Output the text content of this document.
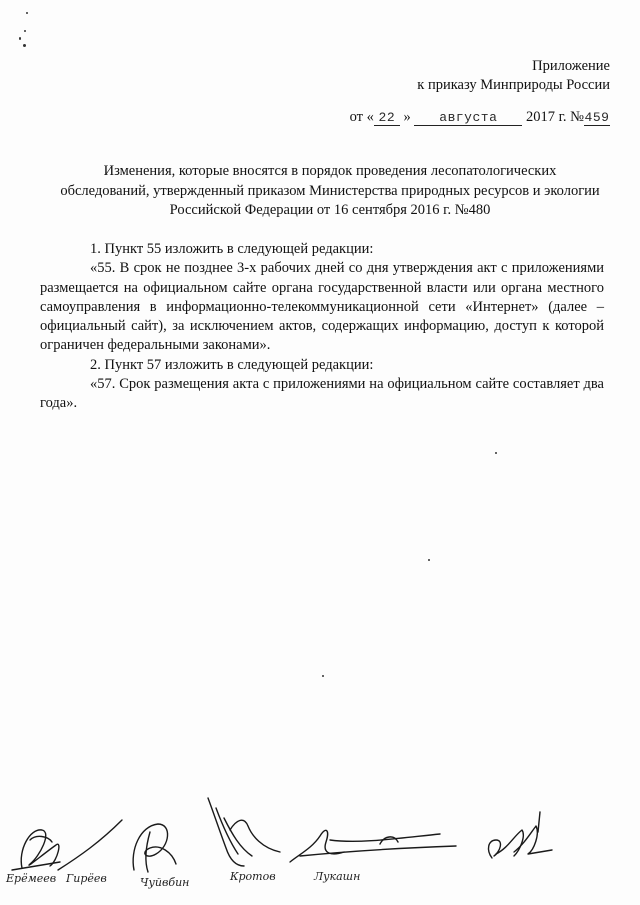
Приложение
к приказу Минприроды России
от « 22 » августа 2017 г. №459
Изменения, которые вносятся в порядок проведения лесопатологических обследований, утвержденный приказом Министерства природных ресурсов и экологии Российской Федерации от 16 сентября 2016 г. №480

1. Пункт 55 изложить в следующей редакции:

«55. В срок не позднее 3-х рабочих дней со дня утверждения акт с приложениями размещается на официальном сайте органа государственной власти или органа местного самоуправления в информационно-телекоммуникационной сети «Интернет» (далее – официальный сайт), за исключением актов, содержащих информацию, доступ к которой ограничен федеральными законами».

2. Пункт 57 изложить в следующей редакции:

«57. Срок размещения акта с приложениями на официальном сайте составляет два года».

Ерёмеев Гирёев	Чуйвбин	Кротов	Лукашн
